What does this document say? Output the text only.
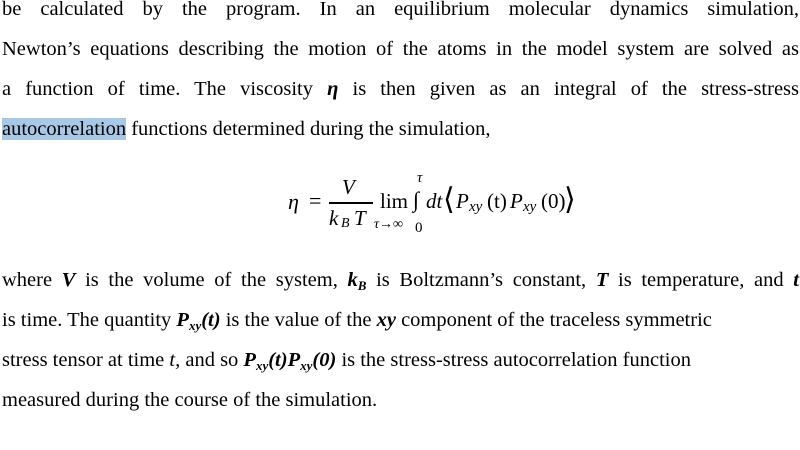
be calculated by the program. In an equilibrium molecular dynamics simulation,
Newton’s equations describing the motion of the atoms in the model system are solved as
a function of time. The viscosity η is then given as an integral of the stress-stress
autocorrelation functions determined during the simulation,
η =
V
k B T
lim
τ→∞
τ
∫
0
dt ⟨ P xy (t) P xy (0)
⟩
where V is the volume of the system, $k_B$ is Boltzmann’s constant, T is temperature, and t
is time. The quantity $P_{xy}(t)$ is the value of the xy component of the traceless symmetric
stress tensor at time t, and so $P_{xy}(t)P_{xy}(0)$ is the stress-stress autocorrelation function
measured during the course of the simulation.
